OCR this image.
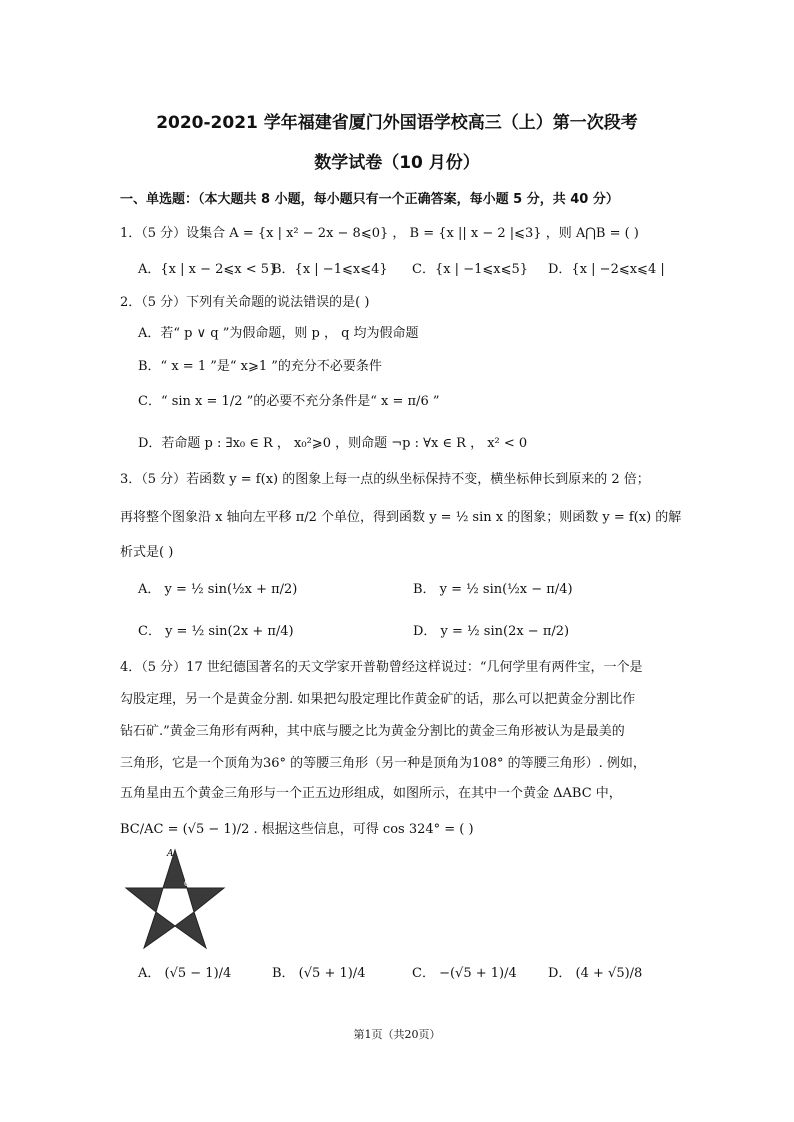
2020-2021 学年福建省厦门外国语学校高三（上）第一次段考
数学试卷（10 月份）
一、单选题：（本大题共 8 小题，每小题只有一个正确答案，每小题 5 分，共 40 分）
1．（5 分）设集合 A = {x | x² − 2x − 8⩽0} ， B = {x || x − 2 |⩽3} ，则 A⋂B = ( )
A．{x | x − 2⩽x < 5}
B．{x | −1⩽x⩽4} C．{x | −1⩽x⩽5} D．{x | −2⩽x⩽4 |
2．（5 分）下列有关命题的说法错误的是( )
A．若“ p ∨ q ”为假命题，则 p ， q 均为假命题
B．“ x = 1 ”是“ x⩾1 ”的充分不必要条件
C．“ sin x = 1/2 ”的必要不充分条件是“ x = π/6 ”
D．若命题 p : ∃x₀ ∈ R ， x₀²⩾0 ，则命题 ¬p : ∀x ∈ R ， x² < 0
3．（5 分）若函数 y = f(x) 的图象上每一点的纵坐标保持不变，横坐标伸长到原来的 2 倍；
再将整个图象沿 x 轴向左平移 π/2 个单位，得到函数 y = ½ sin x 的图象；则函数 y = f(x) 的解
析式是( )
A． y = ½ sin(½x + π/2)	B． y = ½ sin(½x − π/4)
C． y = ½ sin(2x + π/4)	D． y = ½ sin(2x − π/2)
4．（5 分）17 世纪德国著名的天文学家开普勒曾经这样说过：“几何学里有两件宝，一个是
勾股定理，另一个是黄金分割. 如果把勾股定理比作黄金矿的话，那么可以把黄金分割比作
钻石矿.”黄金三角形有两种，其中底与腰之比为黄金分割比的黄金三角形被认为是最美的
三角形，它是一个顶角为36° 的等腰三角形（另一种是顶角为108° 的等腰三角形）. 例如，
五角星由五个黄金三角形与一个正五边形组成，如图所示，在其中一个黄金 ΔABC 中，
BC/AC = (√5 − 1)/2 . 根据这些信息，可得 cos 324° = ( )
A
B	C
A． (√5 − 1)/4	B． (√5 + 1)/4	C． −(√5 + 1)/4 D． (4 + √5)/8
第1页（共20页）
